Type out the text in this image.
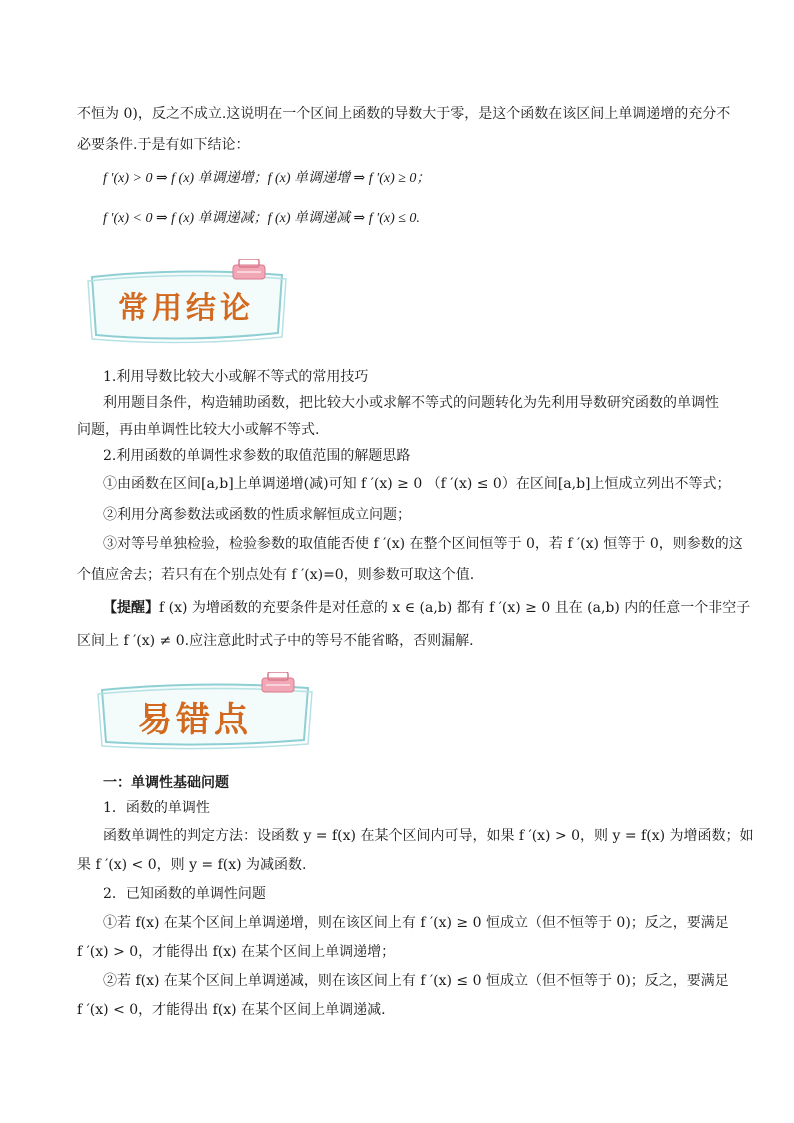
不恒为 0)，反之不成立.这说明在一个区间上函数的导数大于零，是这个函数在该区间上单调递增的充分不
必要条件.于是有如下结论：
f ′(x) > 0 ⇒ f (x) 单调递增；f (x) 单调递增 ⇒ f ′(x) ≥ 0；
f ′(x) < 0 ⇒ f (x) 单调递减；f (x) 单调递减 ⇒ f ′(x) ≤ 0.
常用结论
1.利用导数比较大小或解不等式的常用技巧
利用题目条件，构造辅助函数，把比较大小或求解不等式的问题转化为先利用导数研究函数的单调性
问题，再由单调性比较大小或解不等式.
2.利用函数的单调性求参数的取值范围的解题思路
①由函数在区间[a,b]上单调递增(减)可知 f ′(x) ≥ 0 （f ′(x) ≤ 0）在区间[a,b]上恒成立列出不等式；
②利用分离参数法或函数的性质求解恒成立问题；
③对等号单独检验，检验参数的取值能否使 f ′(x) 在整个区间恒等于 0，若 f ′(x) 恒等于 0，则参数的这
个值应舍去；若只有在个别点处有 f ′(x)=0，则参数可取这个值.
【提醒】f (x) 为增函数的充要条件是对任意的 x ∈ (a,b) 都有 f ′(x) ≥ 0 且在 (a,b) 内的任意一个非空子
区间上 f ′(x) ≠ 0.应注意此时式子中的等号不能省略，否则漏解.
易错点
一：单调性基础问题
1．函数的单调性
函数单调性的判定方法：设函数 y = f(x) 在某个区间内可导，如果 f ′(x) > 0，则 y = f(x) 为增函数；如
果 f ′(x) < 0，则 y = f(x) 为减函数.
2．已知函数的单调性问题
①若 f(x) 在某个区间上单调递增，则在该区间上有 f ′(x) ≥ 0 恒成立（但不恒等于 0)；反之，要满足
f ′(x) > 0，才能得出 f(x) 在某个区间上单调递增；
②若 f(x) 在某个区间上单调递减，则在该区间上有 f ′(x) ≤ 0 恒成立（但不恒等于 0)；反之，要满足
f ′(x) < 0，才能得出 f(x) 在某个区间上单调递减.
